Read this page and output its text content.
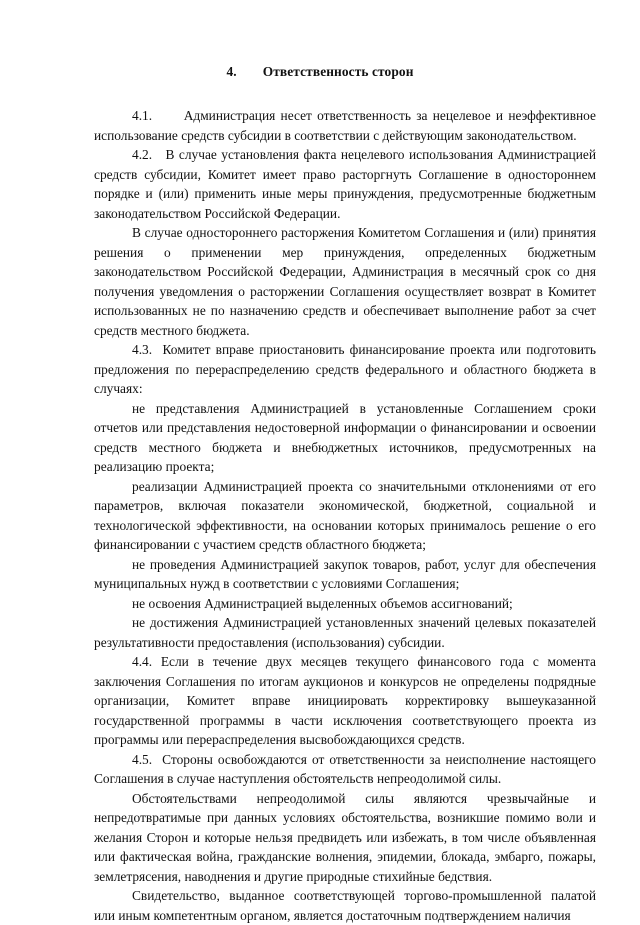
4. Ответственность сторон

4.1.      Администрация несет ответственность за нецелевое и неэффективное использование средств субсидии в соответствии с действующим законодательством.

4.2.   В случае установления факта нецелевого использования Администрацией средств субсидии, Комитет имеет право расторгнуть Соглашение в одностороннем порядке и (или) применить иные меры принуждения, предусмотренные бюджетным законодательством Российской Федерации.

В случае одностороннего расторжения Комитетом Соглашения и (или) принятия решения о применении мер принуждения, определенных бюджетным законодательством Российской Федерации, Администрация в месячный срок со дня получения уведомления о расторжении Соглашения осуществляет возврат в Комитет использованных не по назначению средств и обеспечивает выполнение работ за счет средств местного бюджета.

4.3.  Комитет вправе приостановить финансирование проекта или подготовить предложения по перераспределению средств федерального и областного бюджета в случаях:

не представления Администрацией в установленные Соглашением сроки отчетов или представления недостоверной информации о финансировании и освоении средств местного бюджета и внебюджетных источников, предусмотренных на реализацию проекта;

реализации Администрацией проекта со значительными отклонениями от его параметров, включая показатели экономической, бюджетной, социальной и технологической эффективности, на основании которых принималось решение о его финансировании с участием средств областного бюджета;

не проведения Администрацией закупок товаров, работ, услуг для обеспечения муниципальных нужд в соответствии с условиями Соглашения;

не освоения Администрацией выделенных объемов ассигнований;

не достижения Администрацией установленных значений целевых показателей результативности предоставления (использования) субсидии.

4.4. Если в течение двух месяцев текущего финансового года с момента заключения Соглашения по итогам аукционов и конкурсов не определены подрядные организации, Комитет вправе инициировать корректировку вышеуказанной государственной программы в части исключения соответствующего проекта из программы или перераспределения высвобождающихся средств.

4.5.  Стороны освобождаются от ответственности за неисполнение настоящего Соглашения в случае наступления обстоятельств непреодолимой силы.

Обстоятельствами непреодолимой силы являются чрезвычайные и непредотвратимые при данных условиях обстоятельства, возникшие помимо воли и желания Сторон и которые нельзя предвидеть или избежать, в том числе объявленная или фактическая война, гражданские волнения, эпидемии, блокада, эмбарго, пожары, землетрясения, наводнения и другие природные стихийные бедствия.

Свидетельство, выданное соответствующей торгово-промышленной палатой или иным компетентным органом, является достаточным подтверждением наличия
